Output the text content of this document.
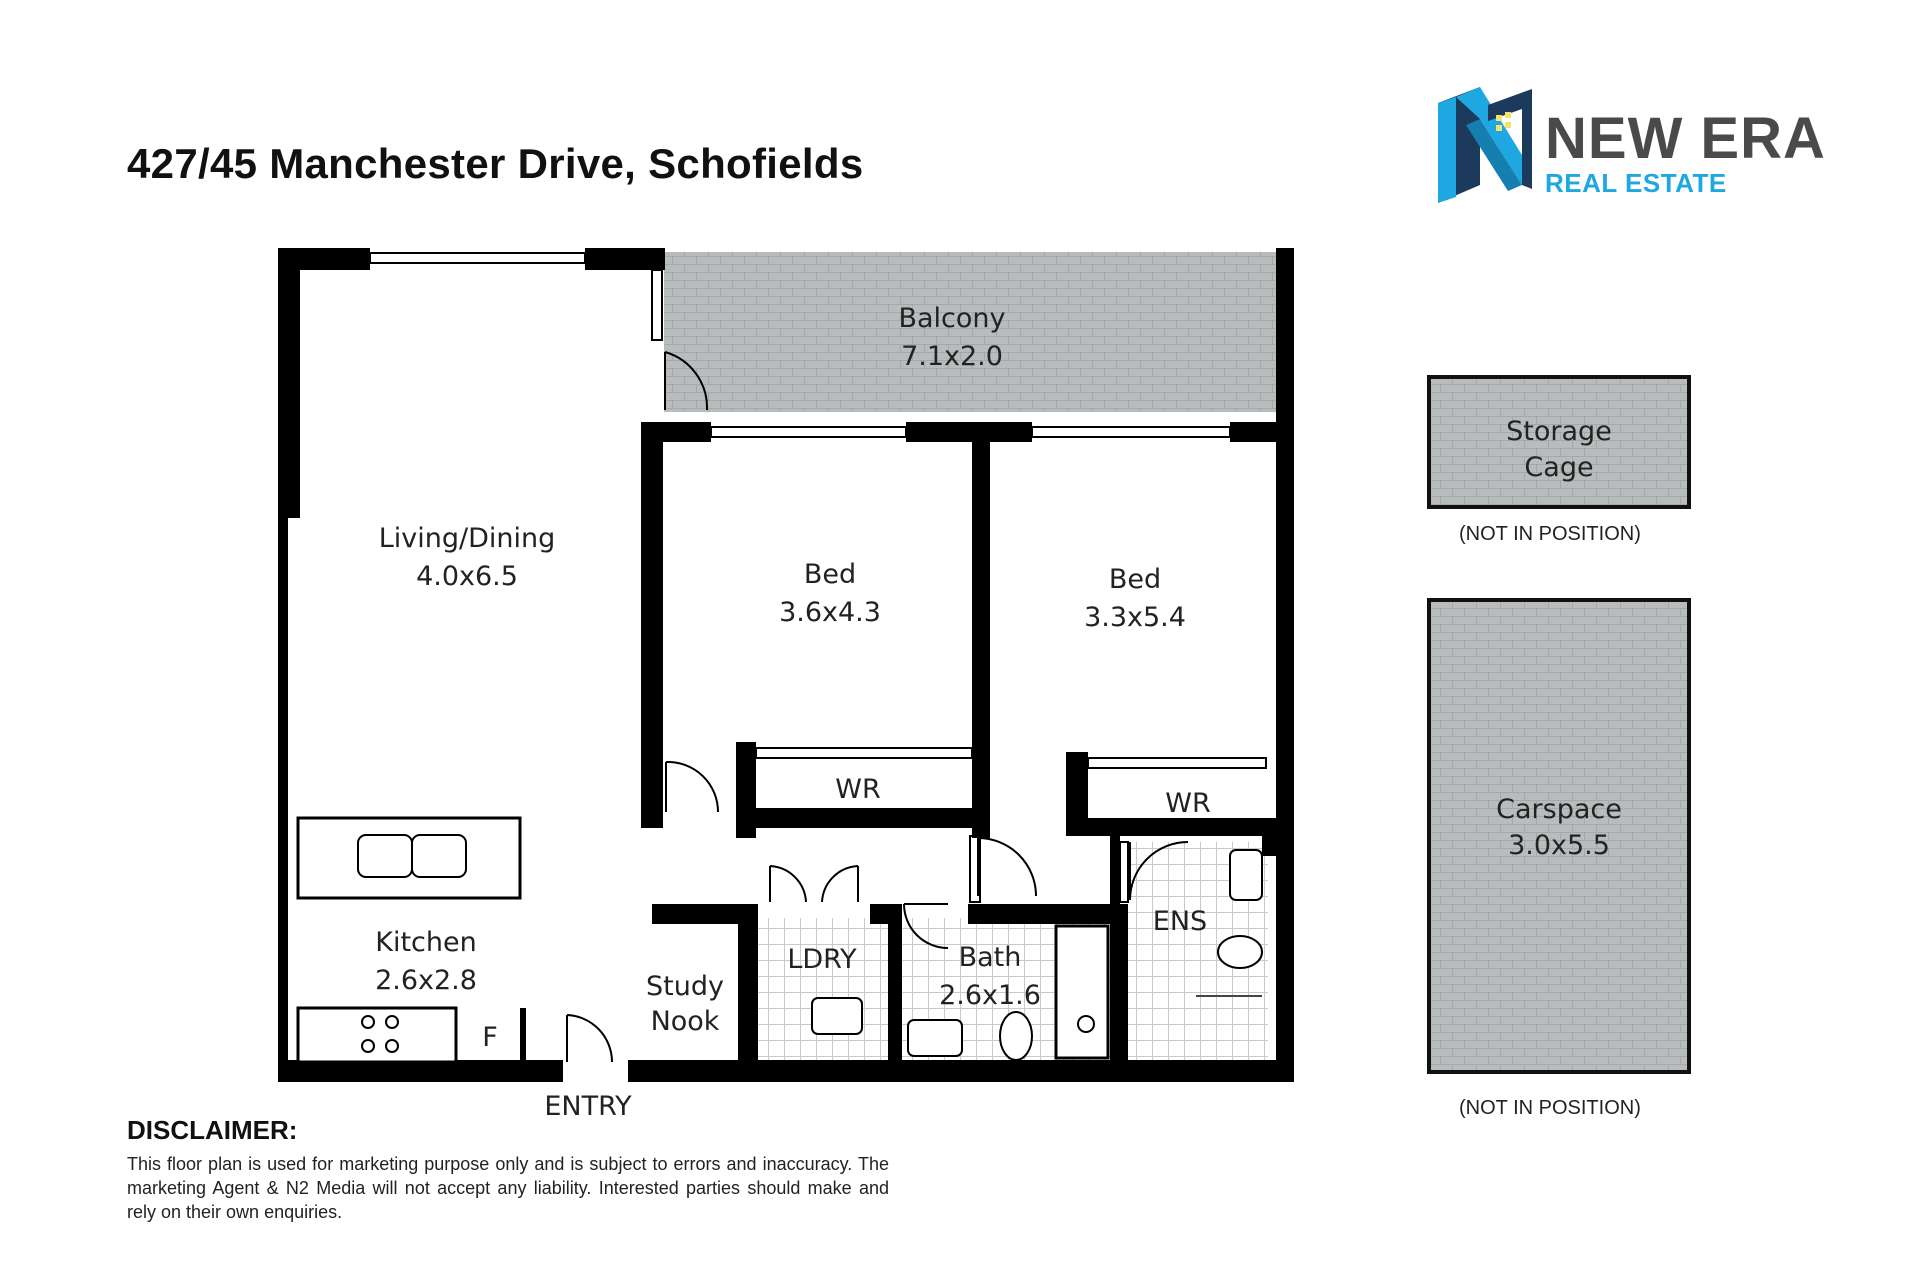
427/45 Manchester Drive, Schofields	NEW ERA
REAL ESTATE
Balcony
7.1x2.0
Living/Dining
4.0x6.5	Bed
3.6x4.3
Bed
3.3x5.4
WR	WR
Kitchen
2.6x2.8	Study
Nook
LDRY	Bath
2.6x1.6
ENS
F
ENTRY
Storage
Cage
Carspace
3.0x5.5
(NOT IN POSITION)
(NOT IN POSITION)
DISCLAIMER:
This floor plan is used for marketing purpose only and is subject to errors and inaccuracy. The marketing Agent & N2 Media will not accept any liability. Interested parties should make and rely on their own enquiries.
